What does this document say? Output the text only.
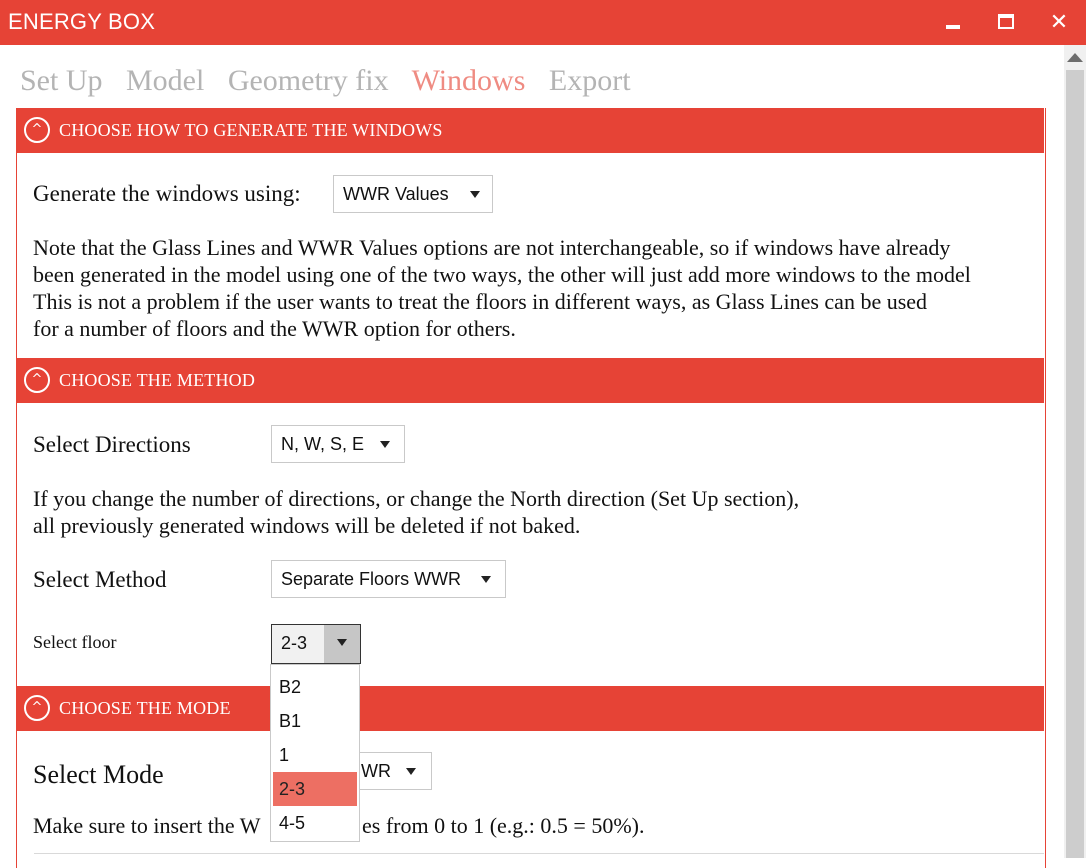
ENERGY BOX	✕
Set Up Model Geometry fix Windows Export
^ CHOOSE HOW TO GENERATE THE WINDOWS
Generate the windows using: WWR Values
Note that the Glass Lines and WWR Values options are not interchangeable, so if windows have already
been generated in the model using one of the two ways, the other will just add more windows to the model
This is not a problem if the user wants to treat the floors in different ways, as Glass Lines can be used
for a number of floors and the WWR option for others.
^ CHOOSE THE METHOD
Select Directions	N, W, S, E
If you change the number of directions, or change the North direction (Set Up section),
all previously generated windows will be deleted if not baked.
Select Method	Separate Floors WWR
Select floor	2-3
^ CHOOSE THE MODE
Select Mode	WR
Make sure to insert the W	es from 0 to 1 (e.g.: 0.5 = 50%).
B2
B1
1
2-3
4-5
